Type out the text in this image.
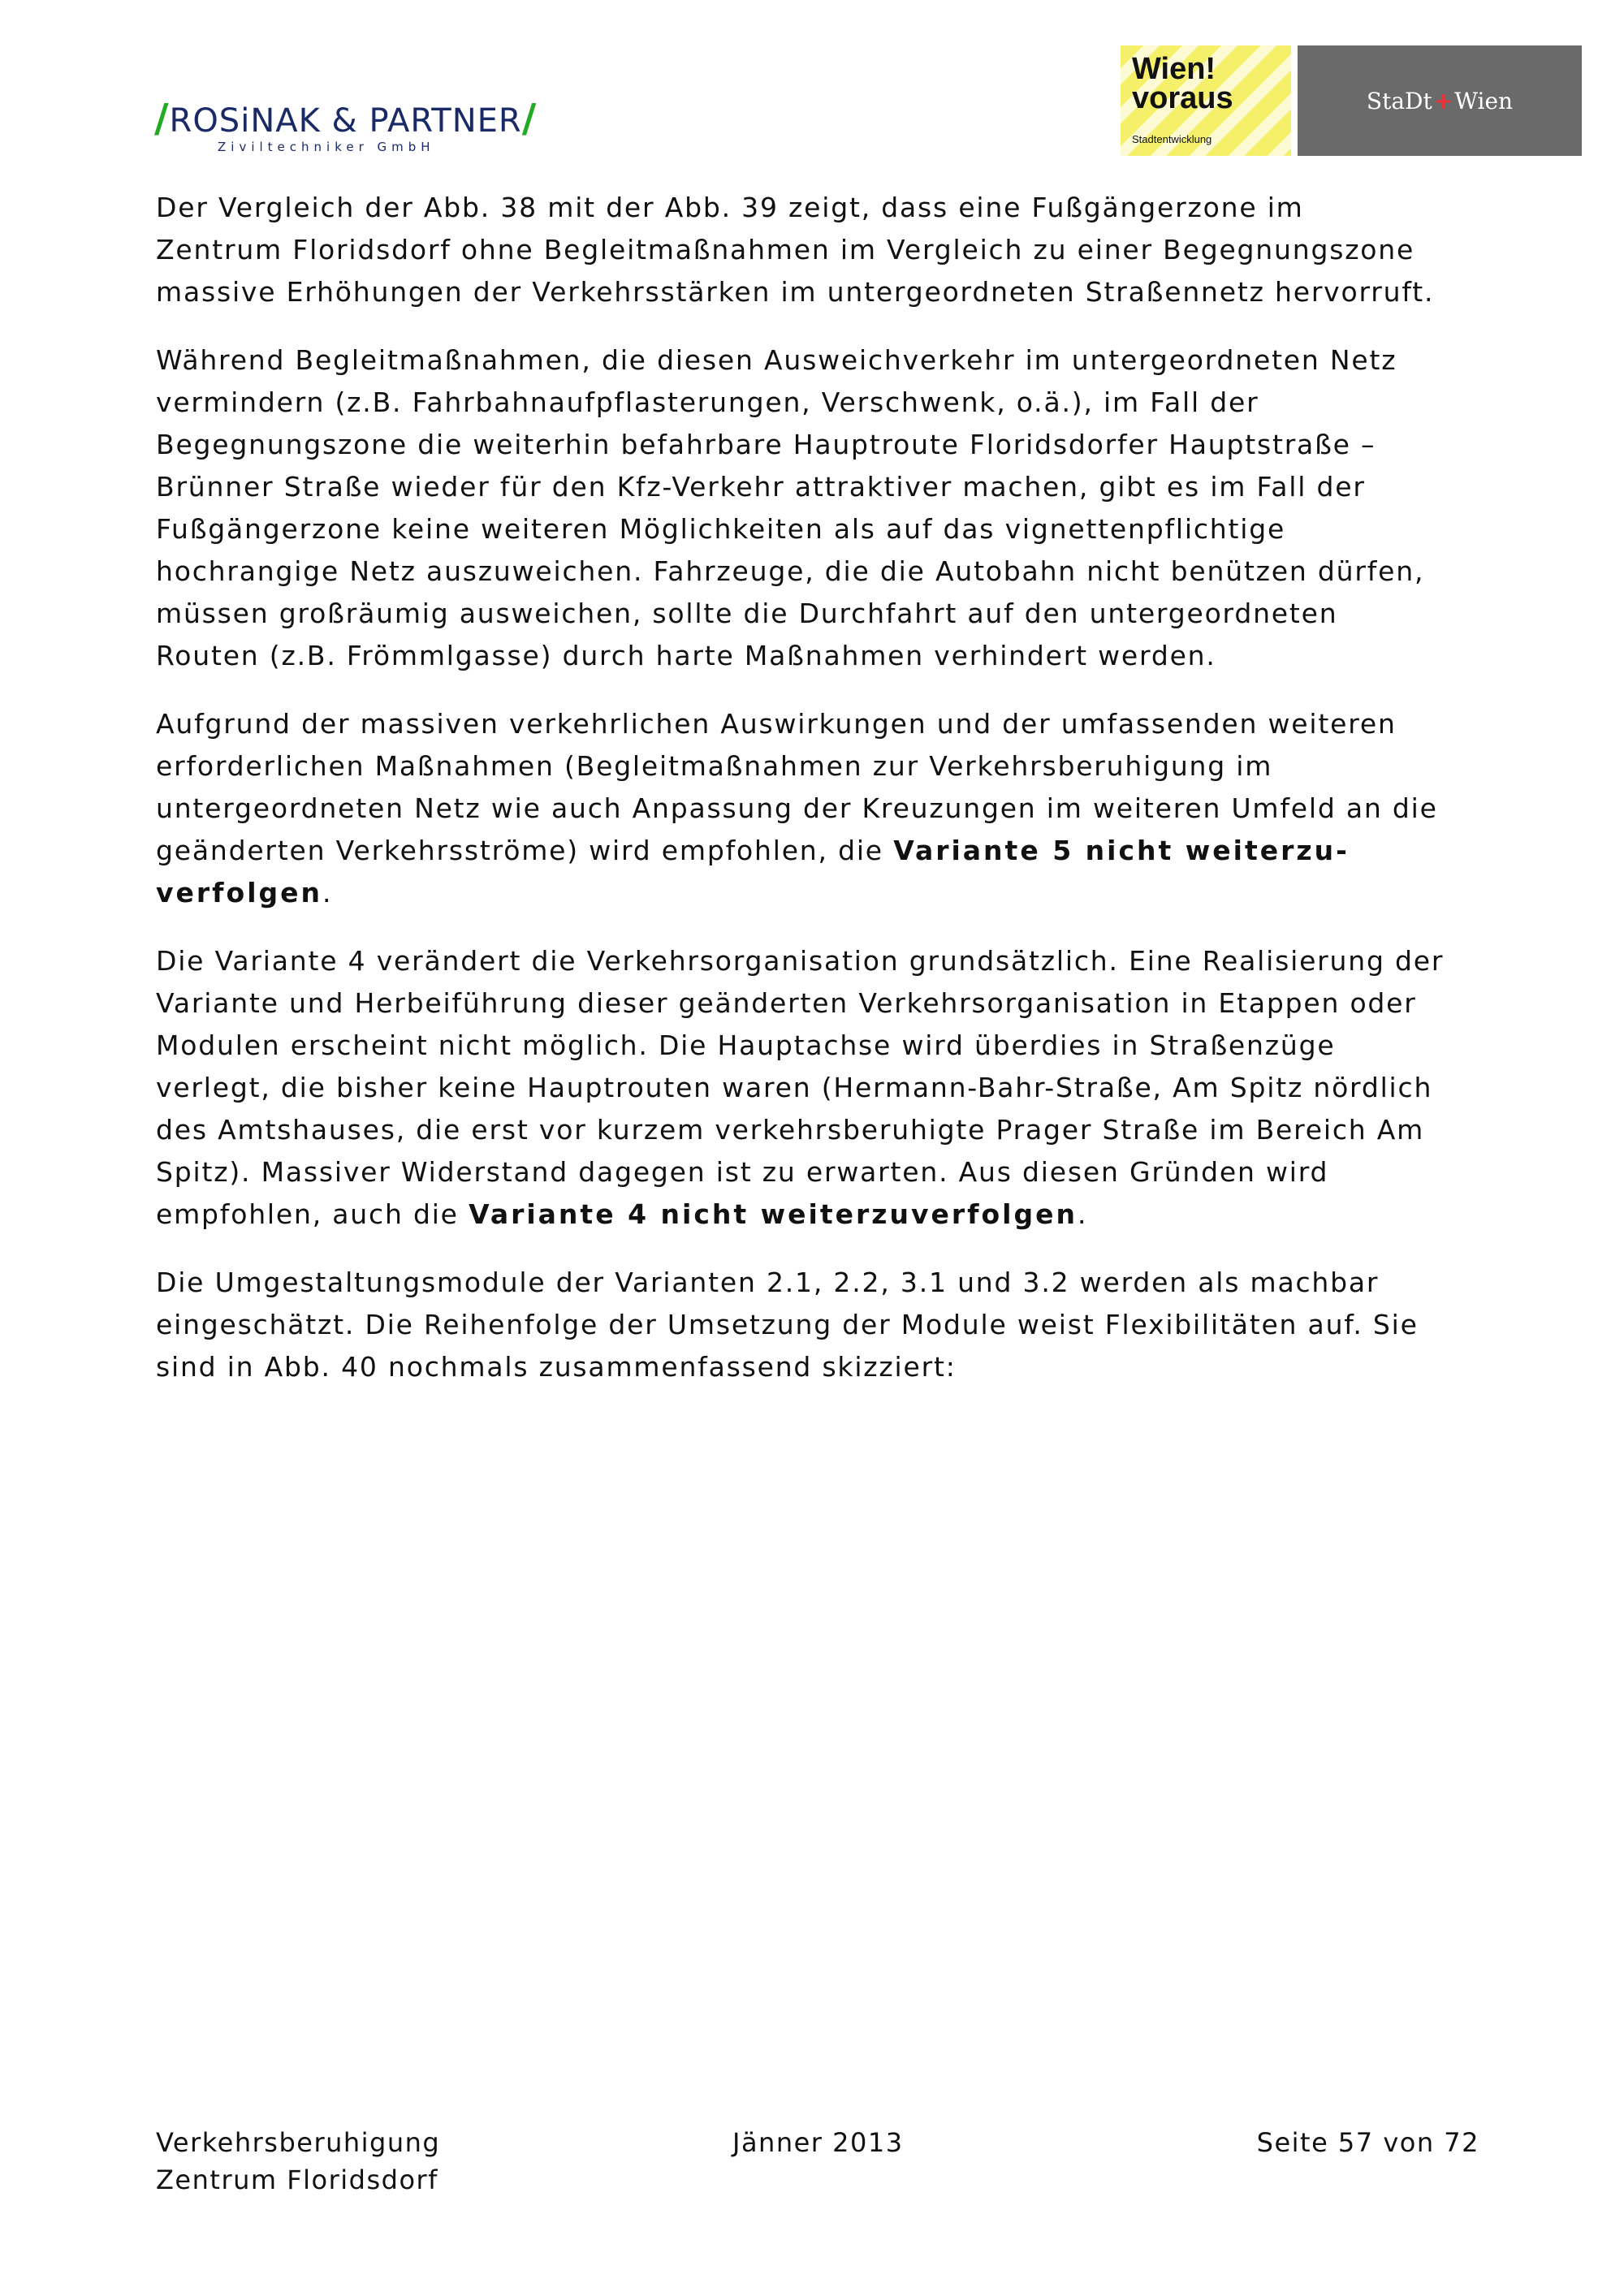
/ROSiNAK & PARTNER/
Ziviltechniker GmbH
Wien!
voraus
Stadtentwicklung
StaDt+Wien

Der Vergleich der Abb. 38 mit der Abb. 39 zeigt, dass eine Fußgängerzone im
Zentrum Floridsdorf ohne Begleitmaßnahmen im Vergleich zu einer Begegnungszone
massive Erhöhungen der Verkehrsstärken im untergeordneten Straßennetz hervorruft.

Während Begleitmaßnahmen, die diesen Ausweichverkehr im untergeordneten Netz
vermindern (z.B. Fahrbahnaufpflasterungen, Verschwenk, o.ä.), im Fall der
Begegnungszone die weiterhin befahrbare Hauptroute Floridsdorfer Hauptstraße –
Brünner Straße wieder für den Kfz-Verkehr attraktiver machen, gibt es im Fall der
Fußgängerzone keine weiteren Möglichkeiten als auf das vignettenpflichtige
hochrangige Netz auszuweichen. Fahrzeuge, die die Autobahn nicht benützen dürfen,
müssen großräumig ausweichen, sollte die Durchfahrt auf den untergeordneten
Routen (z.B. Frömmlgasse) durch harte Maßnahmen verhindert werden.

Aufgrund der massiven verkehrlichen Auswirkungen und der umfassenden weiteren
erforderlichen Maßnahmen (Begleitmaßnahmen zur Verkehrsberuhigung im
untergeordneten Netz wie auch Anpassung der Kreuzungen im weiteren Umfeld an die
geänderten Verkehrsströme) wird empfohlen, die Variante 5 nicht weiterzu-
verfolgen.

Die Variante 4 verändert die Verkehrsorganisation grundsätzlich. Eine Realisierung der
Variante und Herbeiführung dieser geänderten Verkehrsorganisation in Etappen oder
Modulen erscheint nicht möglich. Die Hauptachse wird überdies in Straßenzüge
verlegt, die bisher keine Hauptrouten waren (Hermann-Bahr-Straße, Am Spitz nördlich
des Amtshauses, die erst vor kurzem verkehrsberuhigte Prager Straße im Bereich Am
Spitz). Massiver Widerstand dagegen ist zu erwarten. Aus diesen Gründen wird
empfohlen, auch die Variante 4 nicht weiterzuverfolgen.

Die Umgestaltungsmodule der Varianten 2.1, 2.2, 3.1 und 3.2 werden als machbar
eingeschätzt. Die Reihenfolge der Umsetzung der Module weist Flexibilitäten auf. Sie
sind in Abb. 40 nochmals zusammenfassend skizziert:

Verkehrsberuhigung
Zentrum Floridsdorf
Jänner 2013	Seite 57 von 72
